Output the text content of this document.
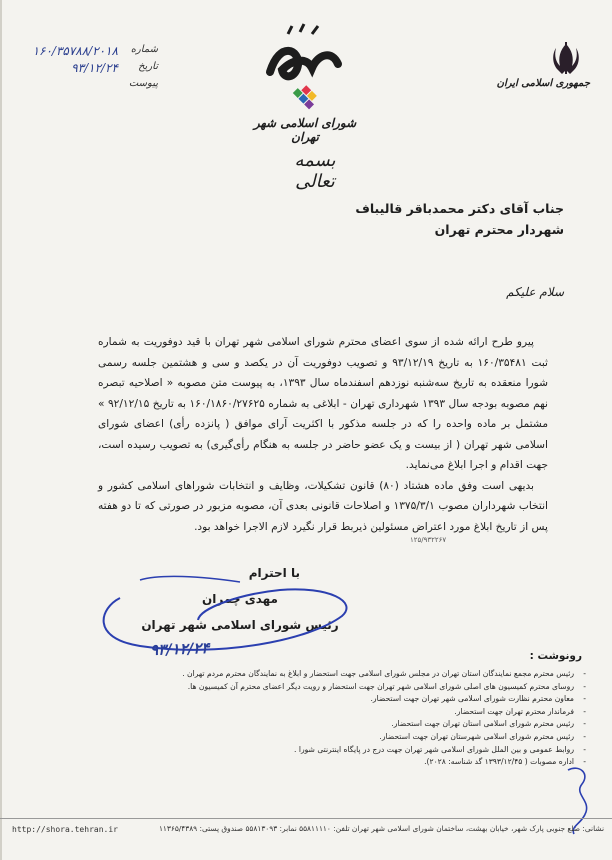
جمهوری اسلامی ایران
شورای اسلامی شهر تهران
شماره
۱۶۰/۳۵۷۸۸/۲۰۱۸
تاریخ
۹۳/۱۲/۲۴
پیوست
بسمه تعالی
جناب آقای دکتر محمدباقر قالیباف
شهردار محترم تهران
سلام علیکم

پیرو طرح ارائه شده از سوی اعضای محترم شورای اسلامی شهر تهران با قید دوفوریت به شماره ثبت ۱۶۰/۳۵۴۸۱ به تاریخ ۹۳/۱۲/۱۹ و تصویب دوفوریت آن در یکصد و سی و هشتمین جلسه رسمی شورا منعقده به تاریخ سه‌شنبه نوزدهم اسفندماه سال ۱۳۹۳، به پیوست متن مصوبه « اصلاحیه تبصره نهم مصوبه بودجه سال ۱۳۹۳ شهرداری تهران - ابلاغی به شماره ۱۶۰/۱۸۶۰/۲۷۶۲۵ به تاریخ ۹۲/۱۲/۱۵ » مشتمل بر ماده واحده را که در جلسه مذکور با اکثریت آرای موافق ( پانزده رأی) اعضای شورای اسلامی شهر تهران ( از بیست و یک عضو حاضر در جلسه به هنگام رأی‌گیری) به تصویب رسیده است، جهت اقدام و اجرا ابلاغ می‌نماید.

بدیهی است وفق ماده هشتاد (۸۰) قانون تشکیلات، وظایف و انتخابات شوراهای اسلامی کشور و انتخاب شهرداران مصوب ۱۳۷۵/۳/۱ و اصلاحات قانونی بعدی آن، مصوبه مزبور در صورتی که تا دو هفته پس از تاریخ ابلاغ مورد اعتراض مسئولین ذیربط قرار نگیرد لازم الاجرا خواهد بود.

۱۲۵/۹۳۲۲۶۷
با احترام
مهدی چمران
رئیس شورای اسلامی شهر تهران
۹۳/۱۲/۲۴	رونوشت :
- رئیس محترم مجمع نمایندگان استان تهران در مجلس شورای اسلامی جهت استحضار و ابلاغ به نمایندگان محترم مردم تهران .
- روسای محترم کمیسیون های اصلی شورای اسلامی شهر تهران جهت استحضار و رویت دیگر اعضای محترم آن کمیسیون ها.
- معاون محترم نظارت شورای اسلامی شهر تهران جهت استحضار.
- فرماندار محترم تهران جهت استحضار.
- رئیس محترم شورای اسلامی استان تهران جهت استحضار.
- رئیس محترم شورای اسلامی شهرستان تهران جهت استحضار.
- روابط عمومی و بین الملل شورای اسلامی شهر تهران جهت درج در پایگاه اینترنتی شورا .
- اداره مصوبات ( ۱۳۹۳/۱۲/۴۵ گد شناسه: ۲۰۲۸).
نشانی: ضلع جنوبی پارک شهر، خیابان بهشت، ساختمان شورای اسلامی شهر تهران تلفن: ۵۵۸۱۱۱۱۰ نمابر: ۵۵۸۱۳۰۹۳ صندوق پستی: ۱۱۳۶۵/۴۳۸۹
http://shora.tehran.ir
